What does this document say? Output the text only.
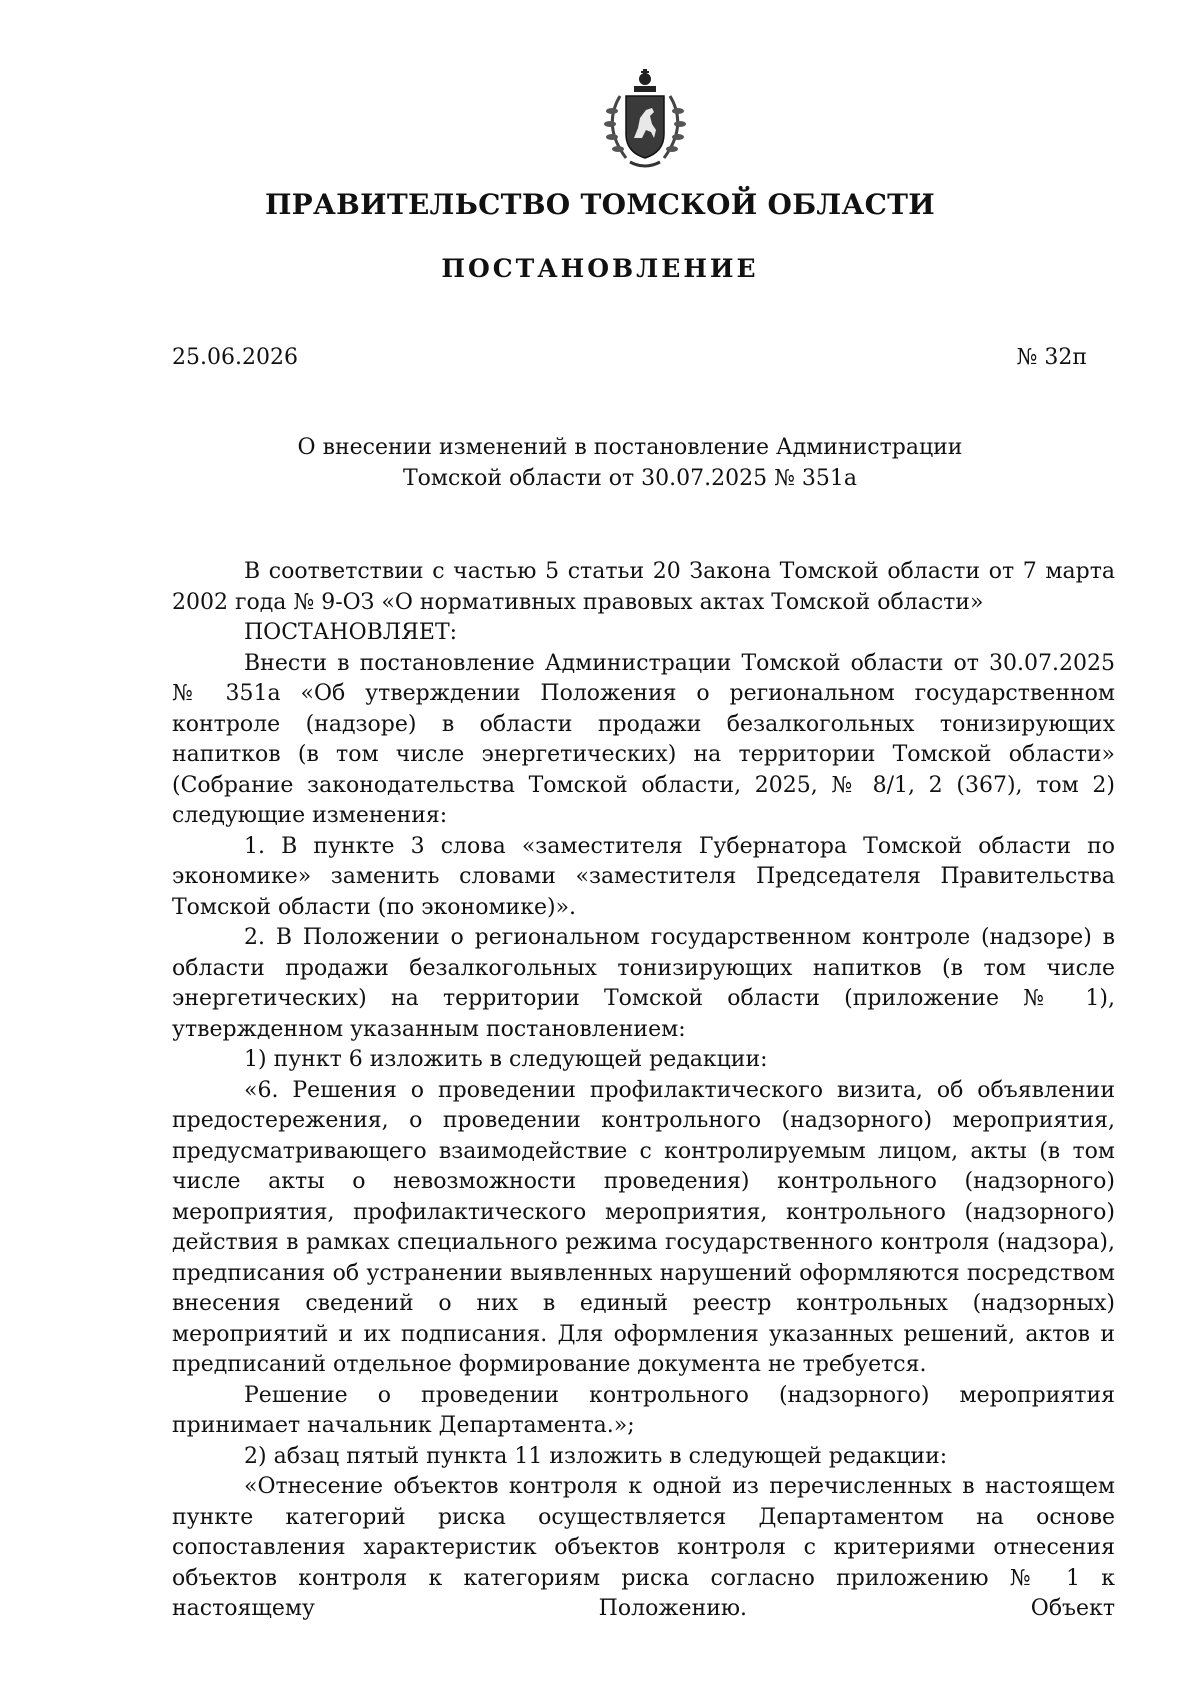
ПРАВИТЕЛЬСТВО ТОМСКОЙ ОБЛАСТИ
ПОСТАНОВЛЕНИЕ
25.06.2026	№ 32п
О внесении изменений в постановление Администрации
Томской области от 30.07.2025 № 351а

В соответствии с частью 5 статьи 20 Закона Томской области от 7 марта 2002 года № 9-ОЗ «О нормативных правовых актах Томской области»

ПОСТАНОВЛЯЕТ:

Внести в постановление Администрации Томской области от 30.07.2025 № 351а «Об утверждении Положения о региональном государственном контроле (надзоре) в области продажи безалкогольных тонизирующих напитков (в том числе энергетических) на территории Томской области» (Собрание законодательства Томской области, 2025, № 8/1, 2 (367), том 2) следующие изменения:

1. В пункте 3 слова «заместителя Губернатора Томской области по экономике» заменить словами «заместителя Председателя Правительства Томской области (по экономике)».

2. В Положении о региональном государственном контроле (надзоре) в области продажи безалкогольных тонизирующих напитков (в том числе энергетических) на территории Томской области (приложение № 1), утвержденном указанным постановлением:

1) пункт 6 изложить в следующей редакции:

«6. Решения о проведении профилактического визита, об объявлении предостережения, о проведении контрольного (надзорного) мероприятия, предусматривающего взаимодействие с контролируемым лицом, акты (в том числе акты о невозможности проведения) контрольного (надзорного) мероприятия, профилактического мероприятия, контрольного (надзорного) действия в рамках специального режима государственного контроля (надзора), предписания об устранении выявленных нарушений оформляются посредством внесения сведений о них в единый реестр контрольных (надзорных) мероприятий и их подписания. Для оформления указанных решений, актов и предписаний отдельное формирование документа не требуется.

Решение о проведении контрольного (надзорного) мероприятия принимает начальник Департамента.»;

2) абзац пятый пункта 11 изложить в следующей редакции:

«Отнесение объектов контроля к одной из перечисленных в настоящем пункте категорий риска осуществляется Департаментом на основе сопоставления характеристик объектов контроля с критериями отнесения объектов контроля к категориям риска согласно приложению № 1 к настоящему Положению. Объект
